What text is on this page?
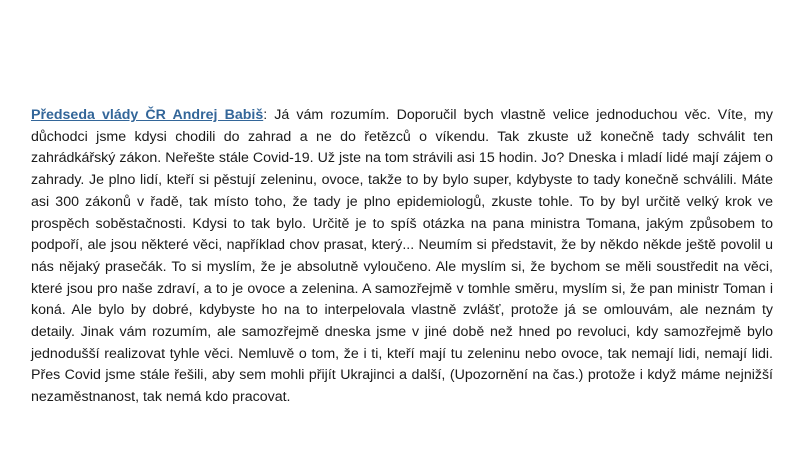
Předseda vlády ČR Andrej Babiš: Já vám rozumím. Doporučil bych vlastně velice jednoduchou věc. Víte, my důchodci jsme kdysi chodili do zahrad a ne do řetězců o víkendu. Tak zkuste už konečně tady schválit ten zahrádkářský zákon. Neřešte stále Covid-19. Už jste na tom strávili asi 15 hodin. Jo? Dneska i mladí lidé mají zájem o zahrady. Je plno lidí, kteří si pěstují zeleninu, ovoce, takže to by bylo super, kdybyste to tady konečně schválili. Máte asi 300 zákonů v řadě, tak místo toho, že tady je plno epidemiologů, zkuste tohle. To by byl určitě velký krok ve prospěch soběstačnosti. Kdysi to tak bylo. Určitě je to spíš otázka na pana ministra Tomana, jakým způsobem to podpoří, ale jsou některé věci, například chov prasat, který... Neumím si představit, že by někdo někde ještě povolil u nás nějaký prasečák. To si myslím, že je absolutně vyloučeno. Ale myslím si, že bychom se měli soustředit na věci, které jsou pro naše zdraví, a to je ovoce a zelenina. A samozřejmě v tomhle směru, myslím si, že pan ministr Toman i koná. Ale bylo by dobré, kdybyste ho na to interpelovala vlastně zvlášť, protože já se omlouvám, ale neznám ty detaily. Jinak vám rozumím, ale samozřejmě dneska jsme v jiné době než hned po revoluci, kdy samozřejmě bylo jednodušší realizovat tyhle věci. Nemluvě o tom, že i ti, kteří mají tu zeleninu nebo ovoce, tak nemají lidi, nemají lidi. Přes Covid jsme stále řešili, aby sem mohli přijít Ukrajinci a další, (Upozornění na čas.) protože i když máme nejnižší nezaměstnanost, tak nemá kdo pracovat.
